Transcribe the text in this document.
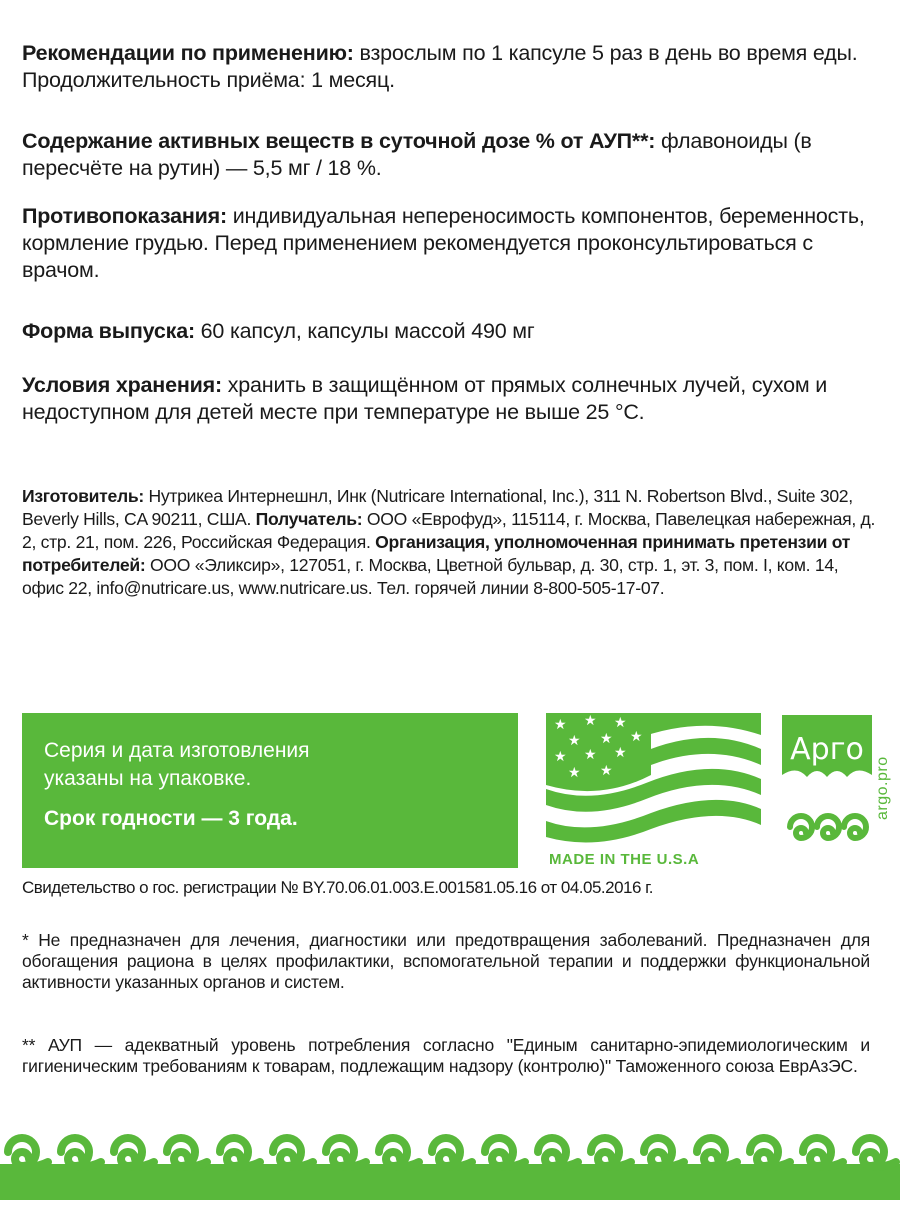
Рекомендации по применению: взрослым по 1 капсуле 5 раз в день во время еды. Продолжительность приёма: 1 месяц.

Содержание активных веществ в суточной дозе % от АУП**: флавоноиды (в пересчёте на рутин) — 5,5 мг / 18 %.

Противопоказания: индивидуальная непереносимость компонентов, беременность, кормление грудью. Перед применением рекомендуется проконсультироваться с врачом.

Форма выпуска: 60 капсул, капсулы массой 490 мг

Условия хранения: хранить в защищённом от прямых солнечных лучей, сухом и недоступном для детей месте при температуре не выше 25 °С.

Изготовитель: Нутрикеа Интернешнл, Инк (Nutricare International, Inc.), 311 N. Robertson Blvd., Suite 302, Beverly Hills, CA 90211, США. Получатель: ООО «Еврофуд», 115114, г. Москва, Павелецкая набережная, д. 2, стр. 21, пом. 226, Российская Федерация. Организация, уполномоченная принимать претензии от потребителей: ООО «Эликсир», 127051, г. Москва, Цветной бульвар, д. 30, стр. 1, эт. 3, пом. I, ком. 14, офис 22, info@nutricare.us, www.nutricare.us. Тел. горячей линии 8-800-505-17-07.

Серия и дата изготовления
указаны на упаковке.
Срок годности — 3 года.
★ ★ ★
★ ★ ★
★ ★ ★
★ ★
MADE IN THE U.S.A
Арго
argo.pro

Свидетельство о гос. регистрации № BY.70.06.01.003.E.001581.05.16 от 04.05.2016 г.

* Не предназначен для лечения, диагностики или предотвращения заболеваний. Предназначен для обогащения рациона в целях профилактики, вспомогательной терапии и поддержки функциональной активности указанных органов и систем.

** АУП — адекватный уровень потребления согласно "Единым санитарно-эпидемиологическим и гигиеническим требованиям к товарам, подлежащим надзору (контролю)" Таможенного союза ЕврАзЭС.
